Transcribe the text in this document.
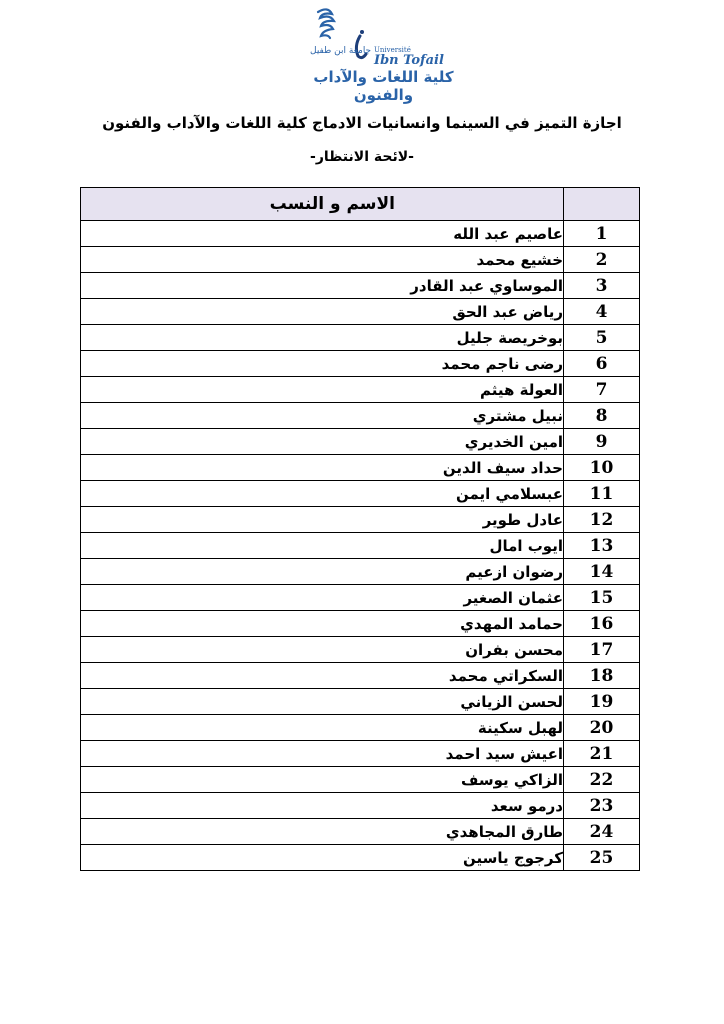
جامعة ابن طفيل Université
Ibn Tofail
كلية اللغات والآداب والفنون
اجازة التميز في السينما وانسانيات الادماج كلية اللغات والآداب والفنون
-لائحة الانتظار-
	الاسم و النسب
1	عاصيم عبد الله
2	خشيع محمد
3	الموساوي عبد القادر
4	رياض عبد الحق
5	بوخريصة جليل
6	رضى ناجم محمد
7	العولة هيثم
8	نبيل مشتري
9	امين الخديري
10	حداد سيف الدين
11	عبسلامي ايمن
12	عادل طوير
13	ايوب امال
14	رضوان ازعيم
15	عثمان الصغير
16	حمامد المهدي
17	محسن بفران
18	السكراتي محمد
19	لحسن الزياني
20	لهبل سكينة
21	اعيش سيد احمد
22	الزاكي يوسف
23	درمو سعد
24	طارق المجاهدي
25	كرجوج ياسين
